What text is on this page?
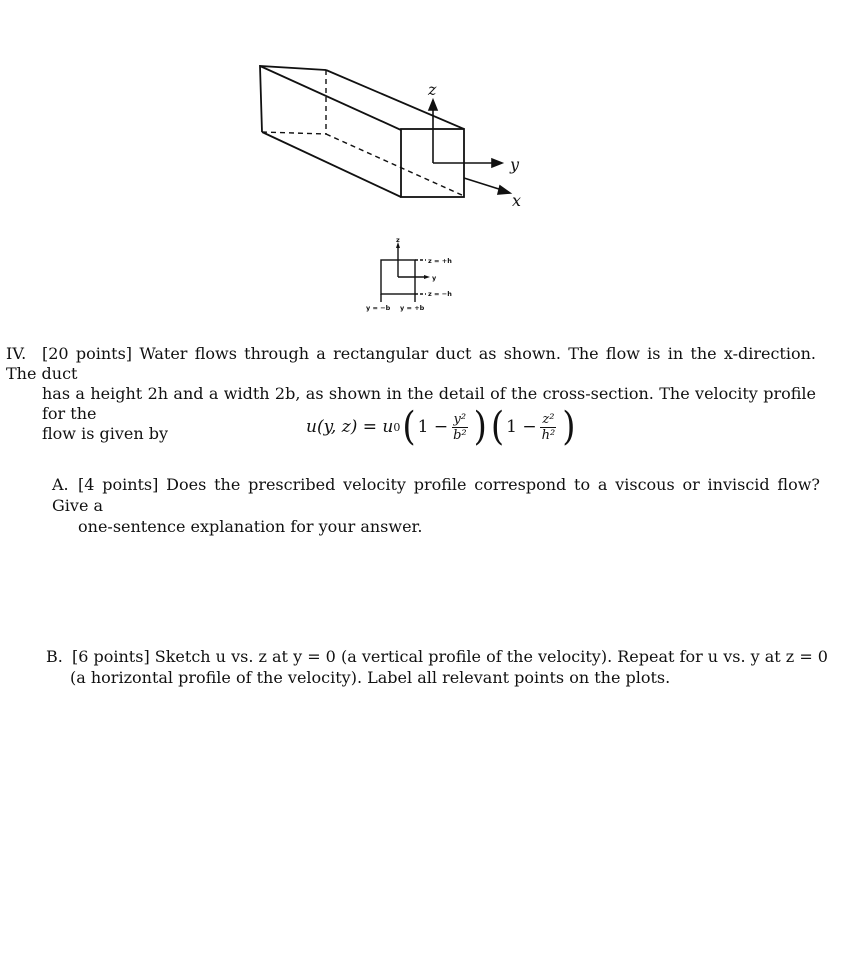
z
y
x
z
z = +h
y
z = −h
y = −b y = +b
IV. [20 points] Water flows through a rectangular duct as shown. The flow is in the x-direction. The duct
has a height 2h and a width 2b, as shown in the detail of the cross-section. The velocity profile for the
flow is given by	u(y, z) = u 0 ( $1 - \frac{\text{y²}}{\text{b²}}$ ) ( $1 - \frac{\text{z²}}{\text{h²}}$ )
A. [4 points] Does the prescribed velocity profile correspond to a viscous or inviscid flow? Give a
one-sentence explanation for your answer.
B. [6 points] Sketch u vs. z at y = 0 (a vertical profile of the velocity). Repeat for u vs. y at z = 0
(a horizontal profile of the velocity). Label all relevant points on the plots.
